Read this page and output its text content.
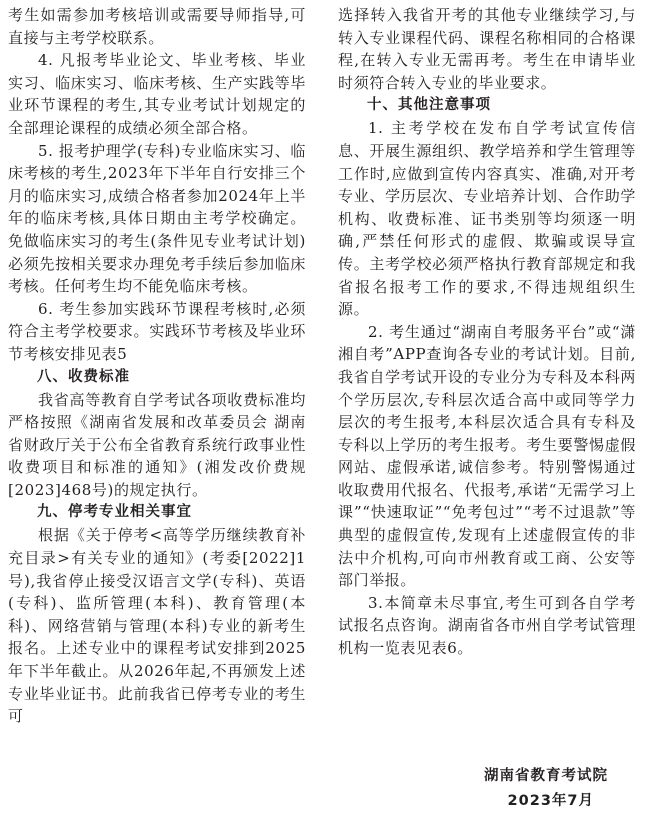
考生如需参加考核培训或需要导师指导,可直接与主考学校联系。

4. 凡报考毕业论文、毕业考核、毕业实习、临床实习、临床考核、生产实践等毕业环节课程的考生,其专业考试计划规定的全部理论课程的成绩必须全部合格。

5. 报考护理学(专科)专业临床实习、临床考核的考生,2023年下半年自行安排三个月的临床实习,成绩合格者参加2024年上半年的临床考核,具体日期由主考学校确定。免做临床实习的考生(条件见专业考试计划)必须先按相关要求办理免考手续后参加临床考核。任何考生均不能免临床考核。

6. 考生参加实践环节课程考核时,必须符合主考学校要求。实践环节考核及毕业环节考核安排见表5

八、收费标准

我省高等教育自学考试各项收费标准均严格按照《湖南省发展和改革委员会 湖南省财政厅关于公布全省教育系统行政事业性收费项目和标准的通知》(湘发改价费规[2023]468号)的规定执行。

九、停考专业相关事宜

根据《关于停考<高等学历继续教育补充目录>有关专业的通知》(考委[2022]1号),我省停止接受汉语言文学(专科)、英语(专科)、监所管理(本科)、教育管理(本科)、网络营销与管理(本科)专业的新考生报名。上述专业中的课程考试安排到2025年下半年截止。从2026年起,不再颁发上述专业毕业证书。此前我省已停考专业的考生可

选择转入我省开考的其他专业继续学习,与转入专业课程代码、课程名称相同的合格课程,在转入专业无需再考。考生在申请毕业时须符合转入专业的毕业要求。

十、其他注意事项

1. 主考学校在发布自学考试宣传信息、开展生源组织、教学培养和学生管理等工作时,应做到宣传内容真实、准确,对开考专业、学历层次、专业培养计划、合作助学机构、收费标准、证书类别等均须逐一明确,严禁任何形式的虚假、欺骗或误导宣传。主考学校必须严格执行教育部规定和我省报名报考工作的要求,不得违规组织生源。

2. 考生通过“湖南自考服务平台”或“潇湘自考”APP查询各专业的考试计划。目前,我省自学考试开设的专业分为专科及本科两个学历层次,专科层次适合高中或同等学力层次的考生报考,本科层次适合具有专科及专科以上学历的考生报考。考生要警惕虚假网站、虚假承诺,诚信参考。特别警惕通过收取费用代报名、代报考,承诺“无需学习上课”“快速取证”“免考包过”“考不过退款”等典型的虚假宣传,发现有上述虚假宣传的非法中介机构,可向市州教育或工商、公安等部门举报。

3.本简章未尽事宜,考生可到各自学考试报名点咨询。湖南省各市州自学考试管理机构一览表见表6。

湖南省教育考试院
2023年7月
